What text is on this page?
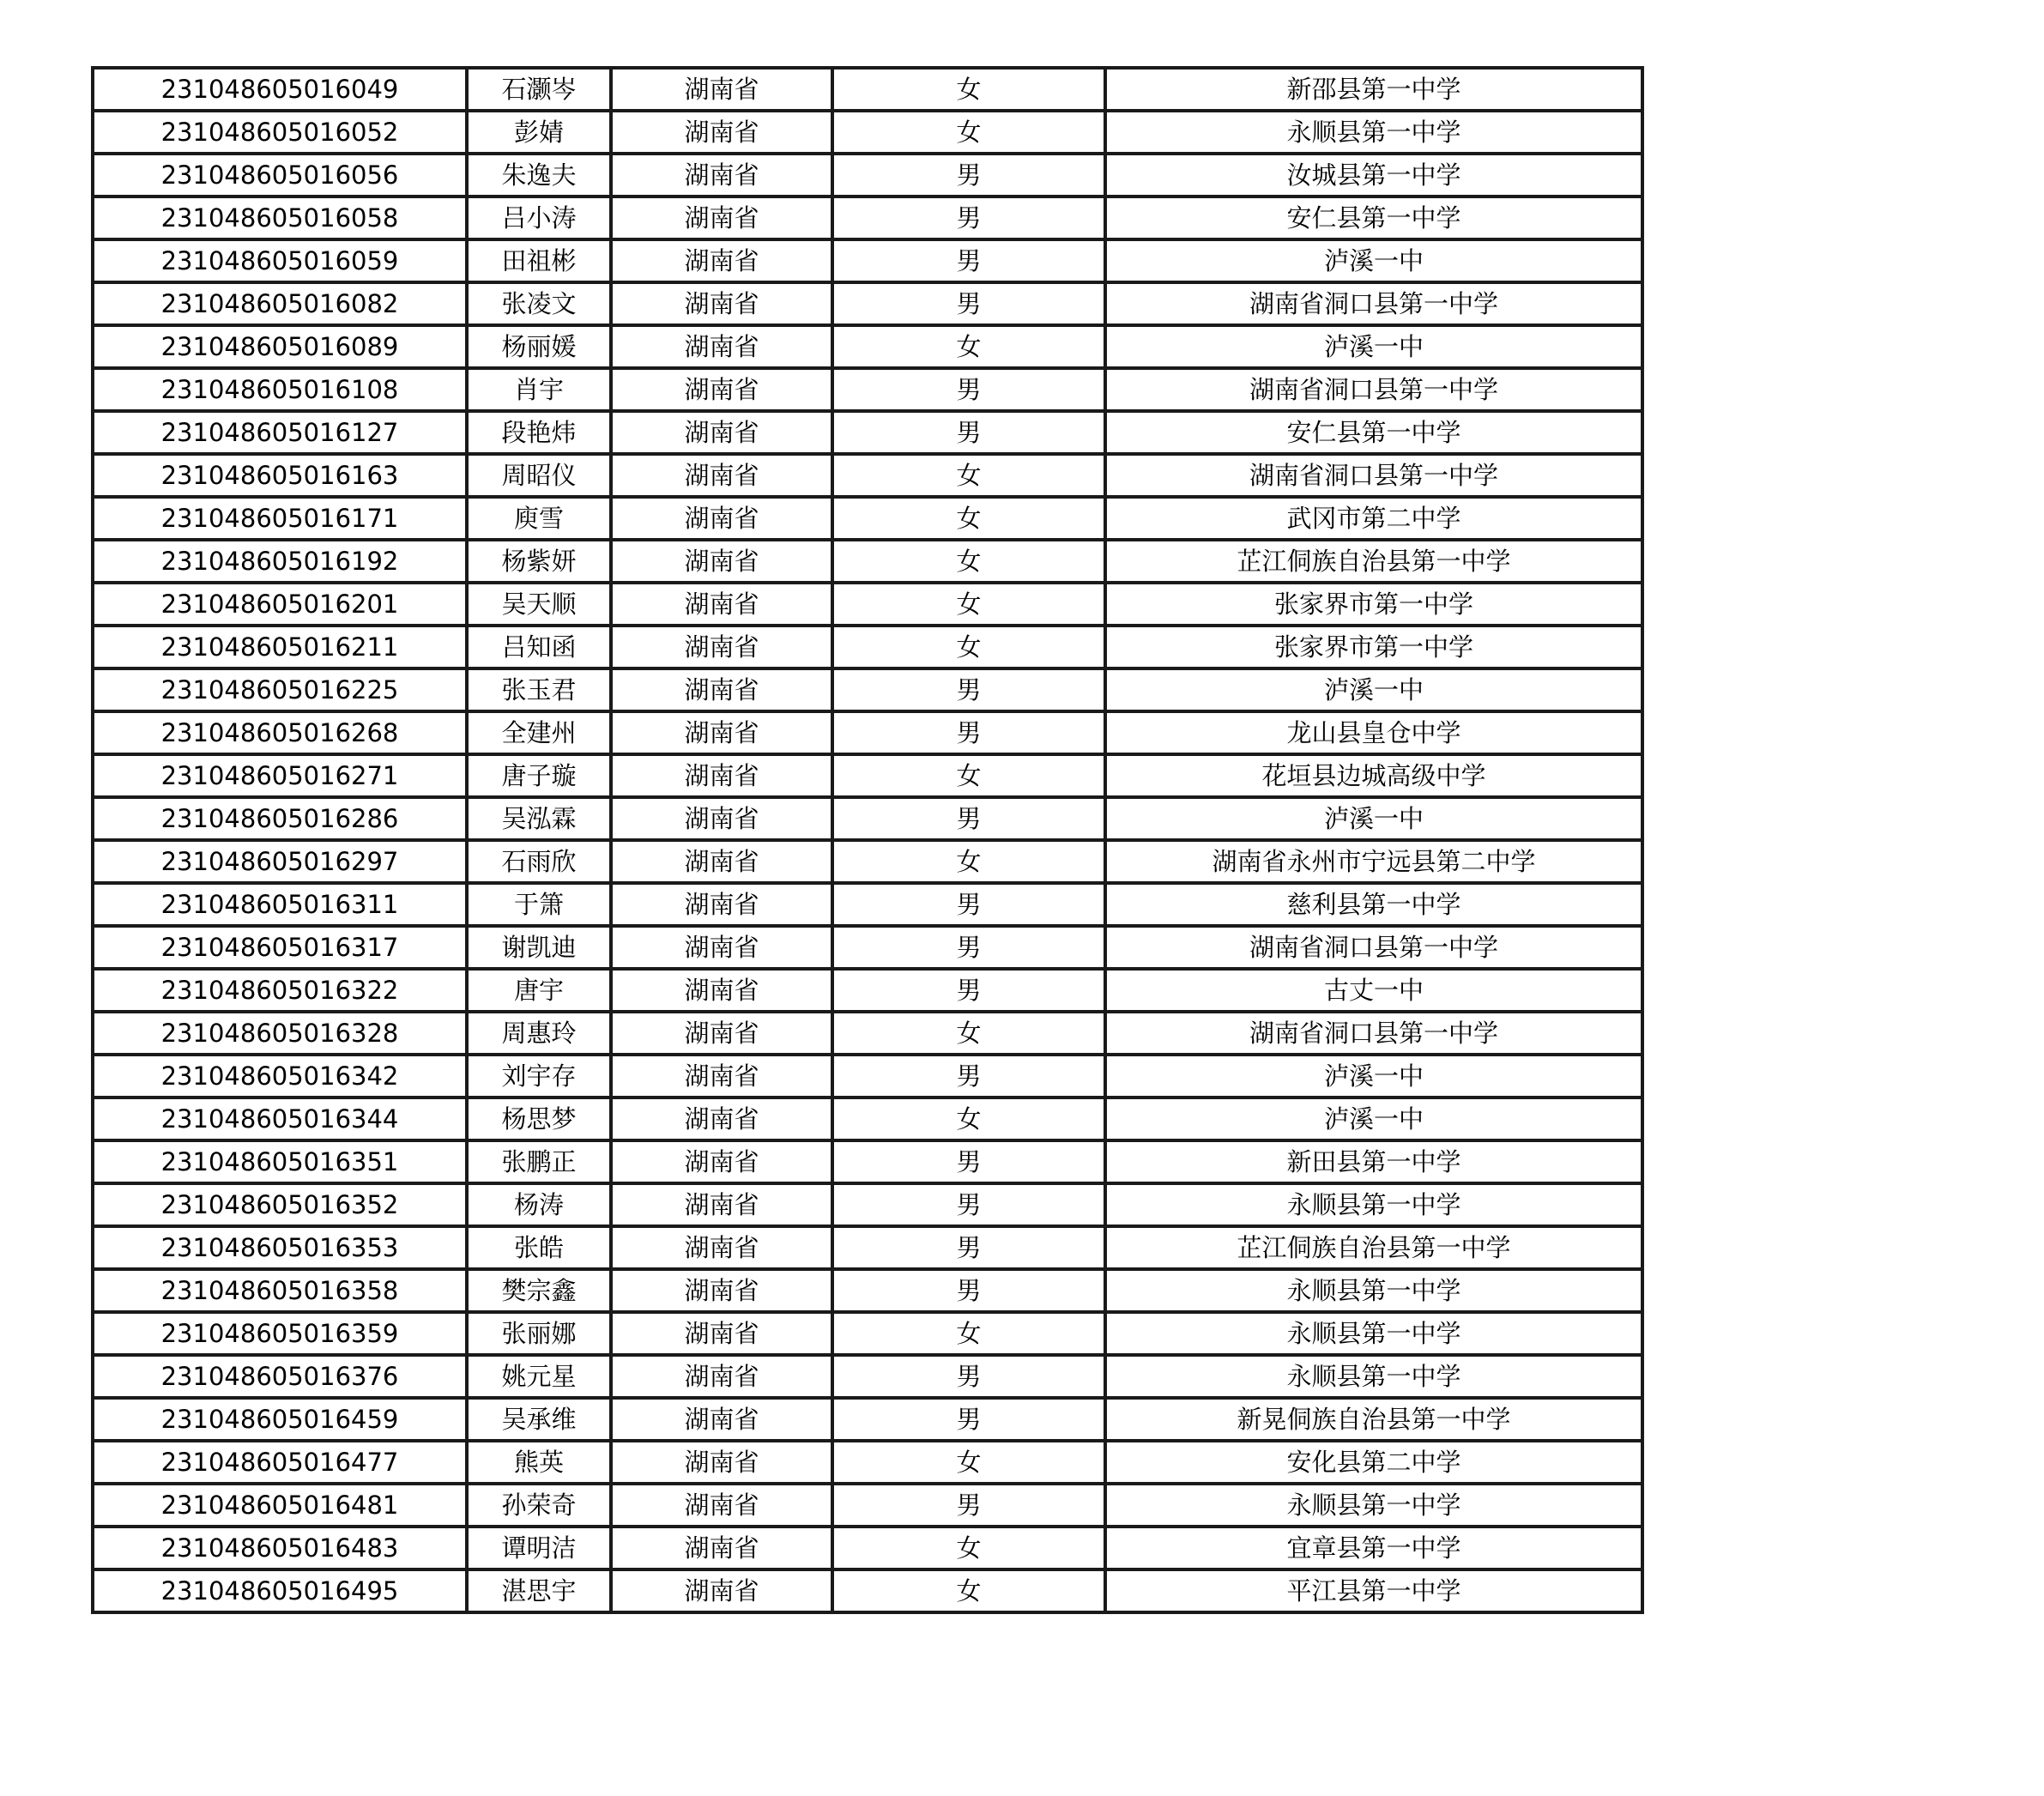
231048605016049	石灏岑	湖南省	女	新邵县第一中学
231048605016052	彭婧	湖南省	女	永顺县第一中学
231048605016056	朱逸夫	湖南省	男	汝城县第一中学
231048605016058	吕小涛	湖南省	男	安仁县第一中学
231048605016059	田祖彬	湖南省	男	泸溪一中
231048605016082	张凌文	湖南省	男	湖南省洞口县第一中学
231048605016089	杨丽媛	湖南省	女	泸溪一中
231048605016108	肖宇	湖南省	男	湖南省洞口县第一中学
231048605016127	段艳炜	湖南省	男	安仁县第一中学
231048605016163	周昭仪	湖南省	女	湖南省洞口县第一中学
231048605016171	庾雪	湖南省	女	武冈市第二中学
231048605016192	杨紫妍	湖南省	女	芷江侗族自治县第一中学
231048605016201	吴天顺	湖南省	女	张家界市第一中学
231048605016211	吕知函	湖南省	女	张家界市第一中学
231048605016225	张玉君	湖南省	男	泸溪一中
231048605016268	全建州	湖南省	男	龙山县皇仓中学
231048605016271	唐子璇	湖南省	女	花垣县边城高级中学
231048605016286	吴泓霖	湖南省	男	泸溪一中
231048605016297	石雨欣	湖南省	女	湖南省永州市宁远县第二中学
231048605016311	于箫	湖南省	男	慈利县第一中学
231048605016317	谢凯迪	湖南省	男	湖南省洞口县第一中学
231048605016322	唐宇	湖南省	男	古丈一中
231048605016328	周惠玲	湖南省	女	湖南省洞口县第一中学
231048605016342	刘宇存	湖南省	男	泸溪一中
231048605016344	杨思梦	湖南省	女	泸溪一中
231048605016351	张鹏正	湖南省	男	新田县第一中学
231048605016352	杨涛	湖南省	男	永顺县第一中学
231048605016353	张皓	湖南省	男	芷江侗族自治县第一中学
231048605016358	樊宗鑫	湖南省	男	永顺县第一中学
231048605016359	张丽娜	湖南省	女	永顺县第一中学
231048605016376	姚元星	湖南省	男	永顺县第一中学
231048605016459	吴承维	湖南省	男	新晃侗族自治县第一中学
231048605016477	熊英	湖南省	女	安化县第二中学
231048605016481	孙荣奇	湖南省	男	永顺县第一中学
231048605016483	谭明洁	湖南省	女	宜章县第一中学
231048605016495	湛思宇	湖南省	女	平江县第一中学
